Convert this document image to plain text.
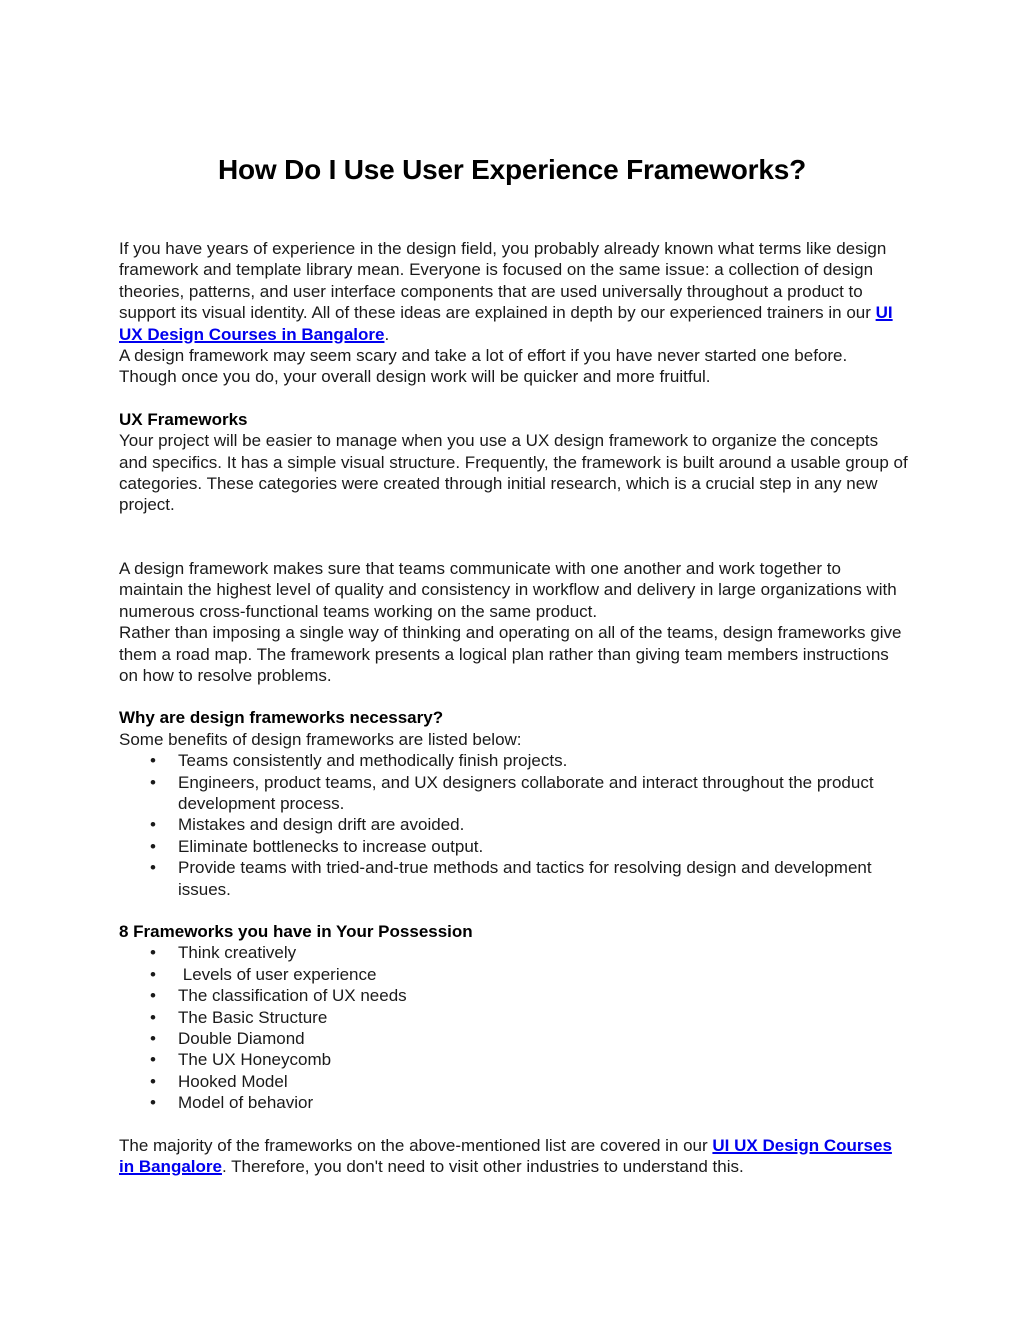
How Do I Use User Experience Frameworks?

If you have years of experience in the design field, you probably already known what terms like design framework and template library mean. Everyone is focused on the same issue: a collection of design theories, patterns, and user interface components that are used universally throughout a product to support its visual identity. All of these ideas are explained in depth by our experienced trainers in our UI UX Design Courses in Bangalore.

A design framework may seem scary and take a lot of effort if you have never started one before. Though once you do, your overall design work will be quicker and more fruitful.

UX Frameworks

Your project will be easier to manage when you use a UX design framework to organize the concepts and specifics. It has a simple visual structure. Frequently, the framework is built around a usable group of categories. These categories were created through initial research, which is a crucial step in any new project.

A design framework makes sure that teams communicate with one another and work together to maintain the highest level of quality and consistency in workflow and delivery in large organizations with numerous cross-functional teams working on the same product.

Rather than imposing a single way of thinking and operating on all of the teams, design frameworks give them a road map. The framework presents a logical plan rather than giving team members instructions on how to resolve problems.

Why are design frameworks necessary?

Some benefits of design frameworks are listed below:

• Teams consistently and methodically finish projects.
• Engineers, product teams, and UX designers collaborate and interact throughout the product development process.
• Mistakes and design drift are avoided.
• Eliminate bottlenecks to increase output.
• Provide teams with tried-and-true methods and tactics for resolving design and development issues.

8 Frameworks you have in Your Possession

• Think creatively
• Levels of user experience
• The classification of UX needs
• The Basic Structure
• Double Diamond
• The UX Honeycomb
• Hooked Model
• Model of behavior

The majority of the frameworks on the above-mentioned list are covered in our UI UX Design Courses in Bangalore. Therefore, you don't need to visit other industries to understand this.
